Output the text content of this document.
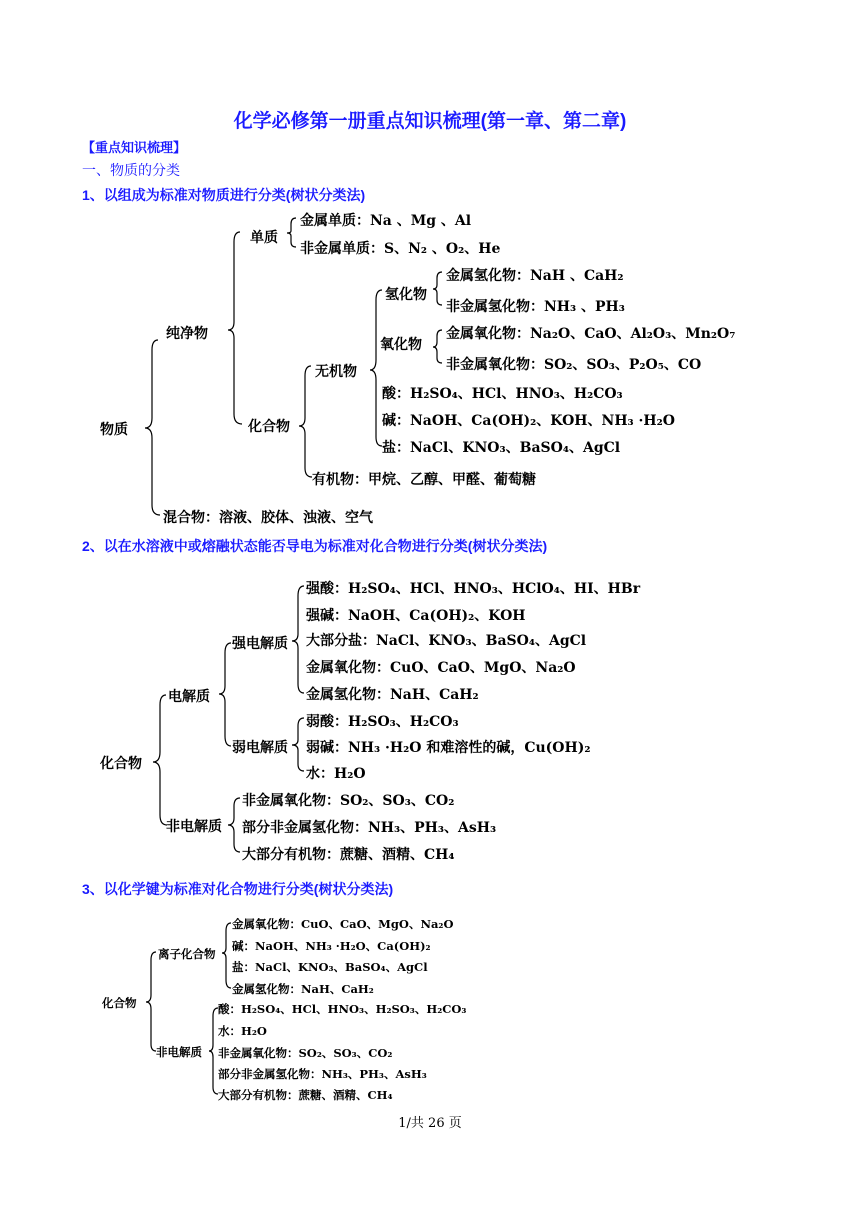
化学必修第一册重点知识梳理(第一章、第二章)
【重点知识梳理】
一、物质的分类
1、以组成为标准对物质进行分类(树状分类法)
物质
纯净物
单质
金属单质：Na 、Mg 、Al
非金属单质：S、N₂ 、O₂、He
化合物
无机物
氢化物
金属氢化物：NaH 、CaH₂
非金属氢化物：NH₃ 、PH₃
氧化物
金属氧化物：Na₂O、CaO、Al₂O₃、Mn₂O₇
非金属氧化物：SO₂、SO₃、P₂O₅、CO
酸：H₂SO₄、HCl、HNO₃、H₂CO₃
碱：NaOH、Ca(OH)₂、KOH、NH₃ ·H₂O
盐：NaCl、KNO₃、BaSO₄、AgCl
有机物：甲烷、乙醇、甲醛、葡萄糖
混合物：溶液、胶体、浊液、空气
2、以在水溶液中或熔融状态能否导电为标准对化合物进行分类(树状分类法)
化合物
电解质
强电解质
强酸：H₂SO₄、HCl、HNO₃、HClO₄、HI、HBr
强碱：NaOH、Ca(OH)₂、KOH
大部分盐：NaCl、KNO₃、BaSO₄、AgCl
金属氧化物：CuO、CaO、MgO、Na₂O
金属氢化物：NaH、CaH₂
弱电解质
弱酸：H₂SO₃、H₂CO₃
弱碱：NH₃ ·H₂O 和难溶性的碱，Cu(OH)₂
水：H₂O
非电解质
非金属氧化物：SO₂、SO₃、CO₂
部分非金属氢化物：NH₃、PH₃、AsH₃
大部分有机物：蔗糖、酒精、CH₄
3、以化学键为标准对化合物进行分类(树状分类法)
化合物
离子化合物
金属氧化物：CuO、CaO、MgO、Na₂O
碱：NaOH、NH₃ ·H₂O、Ca(OH)₂
盐：NaCl、KNO₃、BaSO₄、AgCl
金属氢化物：NaH、CaH₂
非电解质
酸：H₂SO₄、HCl、HNO₃、H₂SO₃、H₂CO₃
水：H₂O
非金属氧化物：SO₂、SO₃、CO₂
部分非金属氢化物：NH₃、PH₃、AsH₃
大部分有机物：蔗糖、酒精、CH₄
1/共 26 页
